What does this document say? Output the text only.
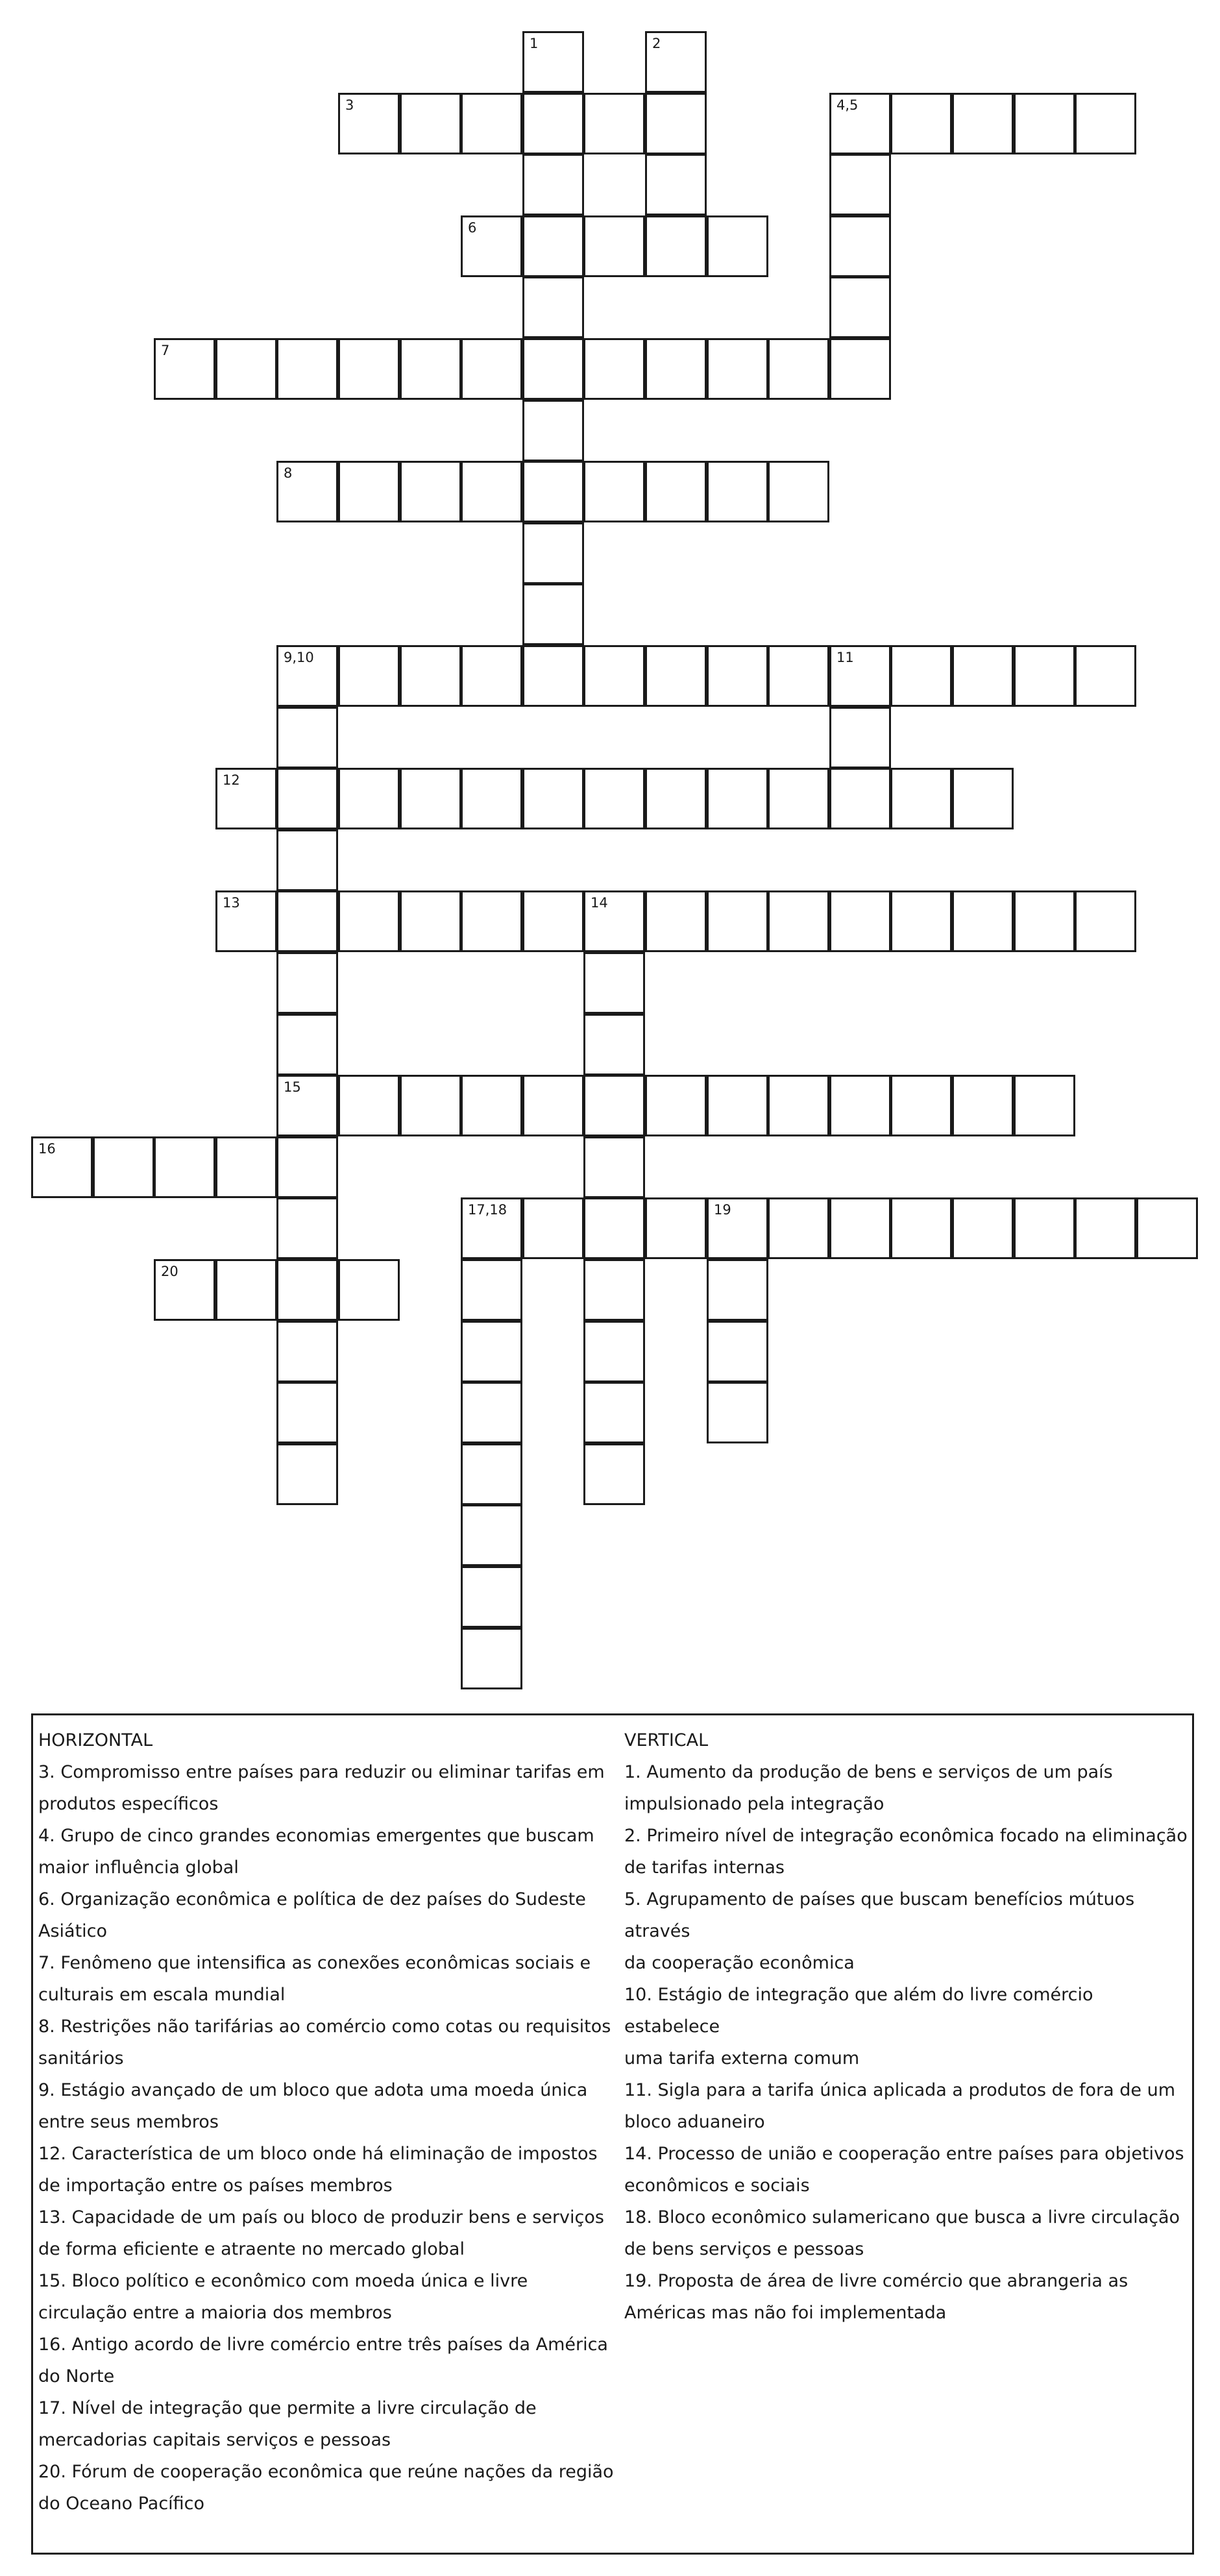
1	2
3	4,5
6
7
8
9,10	11
12
13	14
15
16
17,18	19
20
HORIZONTAL

3. Compromisso entre países para reduzir ou eliminar tarifas em

produtos específicos

4. Grupo de cinco grandes economias emergentes que buscam

maior influência global

6. Organização econômica e política de dez países do Sudeste

Asiático

7. Fenômeno que intensifica as conexões econômicas sociais e

culturais em escala mundial

8. Restrições não tarifárias ao comércio como cotas ou requisitos

sanitários

9. Estágio avançado de um bloco que adota uma moeda única

entre seus membros

12. Característica de um bloco onde há eliminação de impostos

de importação entre os países membros

13. Capacidade de um país ou bloco de produzir bens e serviços

de forma eficiente e atraente no mercado global

15. Bloco político e econômico com moeda única e livre

circulação entre a maioria dos membros

16. Antigo acordo de livre comércio entre três países da América

do Norte

17. Nível de integração que permite a livre circulação de

mercadorias capitais serviços e pessoas

20. Fórum de cooperação econômica que reúne nações da região

do Oceano Pacífico

VERTICAL

1. Aumento da produção de bens e serviços de um país

impulsionado pela integração

2. Primeiro nível de integração econômica focado na eliminação

de tarifas internas

5. Agrupamento de países que buscam benefícios mútuos através

da cooperação econômica

10. Estágio de integração que além do livre comércio estabelece

uma tarifa externa comum

11. Sigla para a tarifa única aplicada a produtos de fora de um

bloco aduaneiro

14. Processo de união e cooperação entre países para objetivos

econômicos e sociais

18. Bloco econômico sulamericano que busca a livre circulação

de bens serviços e pessoas

19. Proposta de área de livre comércio que abrangeria as

Américas mas não foi implementada
